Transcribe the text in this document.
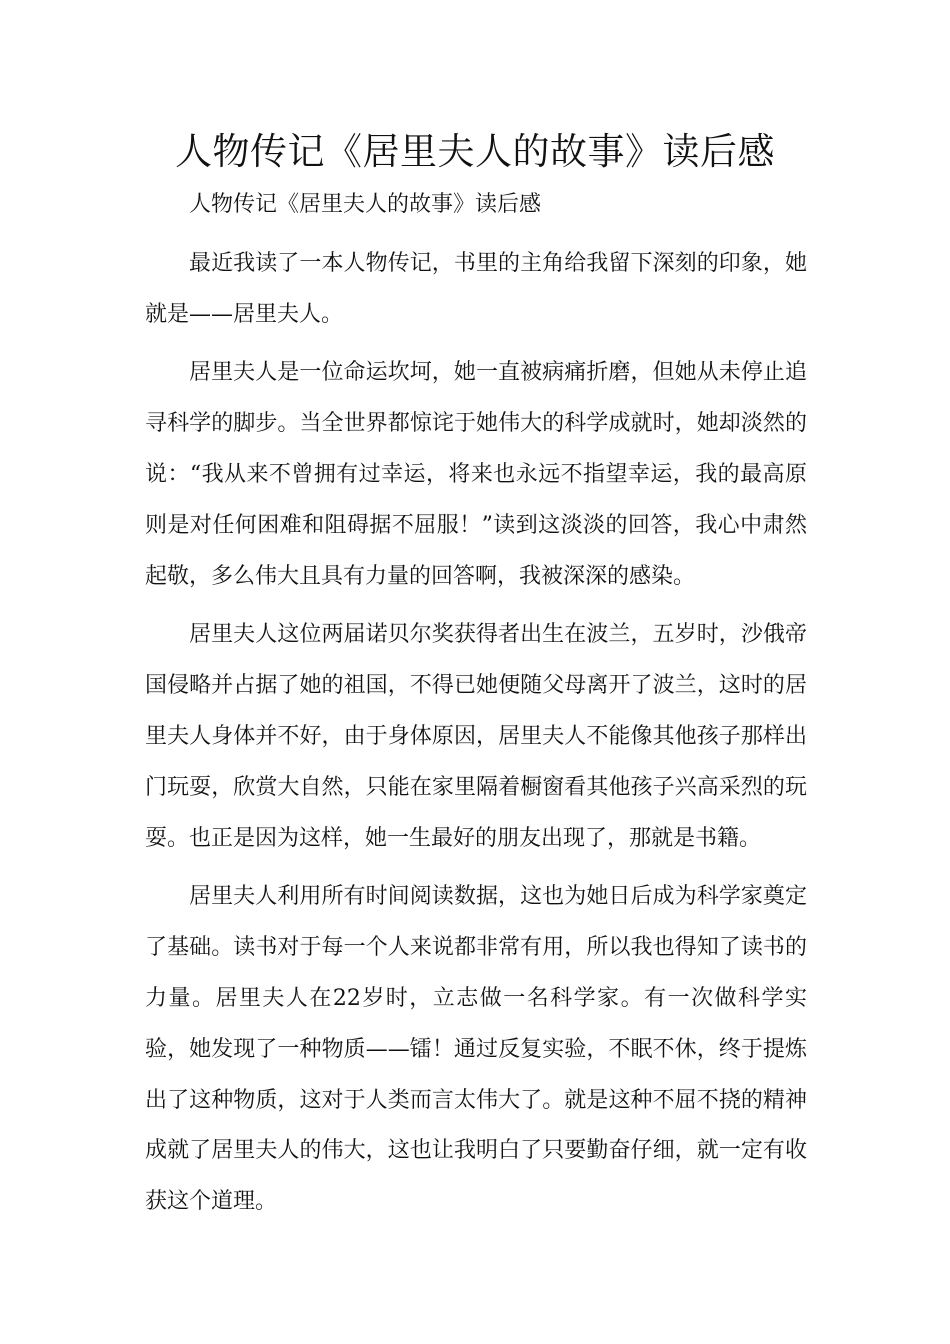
人物传记《居里夫人的故事》读后感

人物传记《居里夫人的故事》读后感

最近我读了一本人物传记，书里的主角给我留下深刻的印象，她就是——居里夫人。

居里夫人是一位命运坎坷，她一直被病痛折磨，但她从未停止追寻科学的脚步。当全世界都惊诧于她伟大的科学成就时，她却淡然的说：“我从来不曾拥有过幸运，将来也永远不指望幸运，我的最高原则是对任何困难和阻碍据不屈服！”读到这淡淡的回答，我心中肃然起敬，多么伟大且具有力量的回答啊，我被深深的感染。

居里夫人这位两届诺贝尔奖获得者出生在波兰，五岁时，沙俄帝国侵略并占据了她的祖国，不得已她便随父母离开了波兰，这时的居里夫人身体并不好，由于身体原因，居里夫人不能像其他孩子那样出门玩耍，欣赏大自然，只能在家里隔着橱窗看其他孩子兴高采烈的玩耍。也正是因为这样，她一生最好的朋友出现了，那就是书籍。

居里夫人利用所有时间阅读数据，这也为她日后成为科学家奠定了基础。读书对于每一个人来说都非常有用，所以我也得知了读书的力量。居里夫人在22岁时，立志做一名科学家。有一次做科学实验，她发现了一种物质——镭！通过反复实验，不眠不休，终于提炼出了这种物质，这对于人类而言太伟大了。就是这种不屈不挠的精神成就了居里夫人的伟大，这也让我明白了只要勤奋仔细，就一定有收获这个道理。
